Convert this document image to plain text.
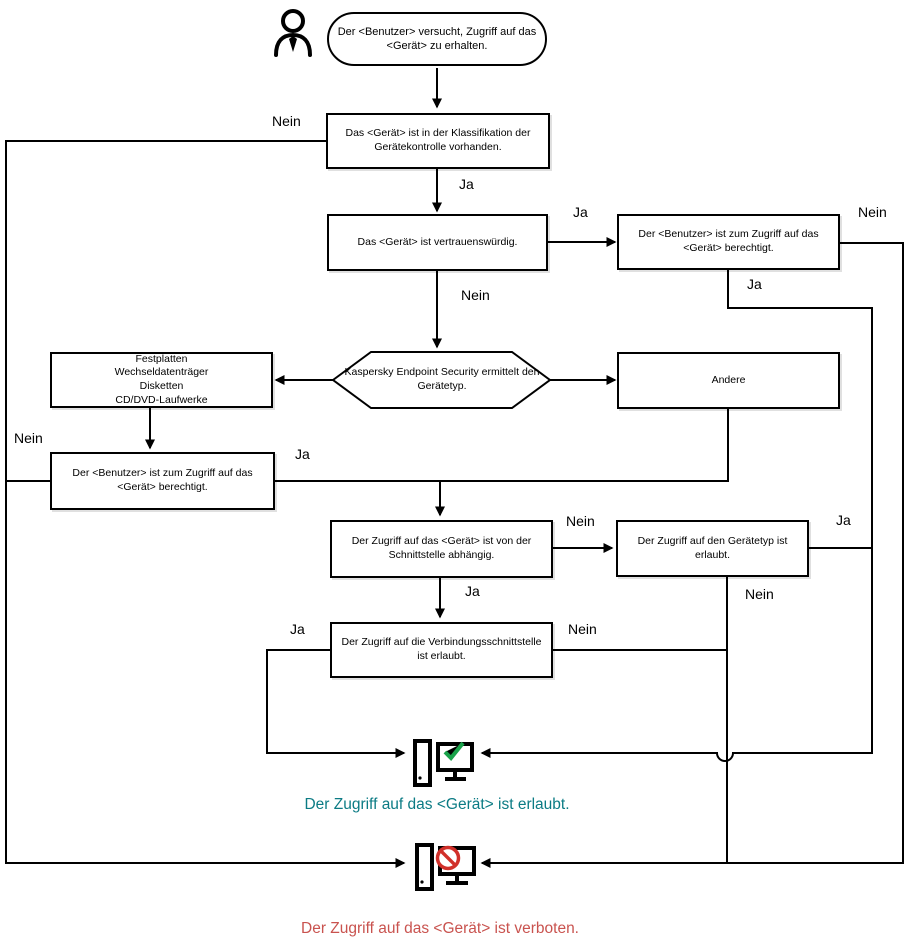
Der <Benutzer> versucht, Zugriff auf das <Gerät> zu erhalten.
Das <Gerät> ist in der Klassifikation der Gerätekontrolle vorhanden.
Das <Gerät> ist vertrauenswürdig.
Der <Benutzer> ist zum Zugriff auf das <Gerät> berechtigt.
Kaspersky Endpoint Security ermittelt den Gerätetyp.
Festplatten
Wechseldatenträger
Disketten
CD/DVD-Laufwerke
Andere
Der <Benutzer> ist zum Zugriff auf das <Gerät> berechtigt.
Der Zugriff auf das <Gerät> ist von der Schnittstelle abhängig.
Der Zugriff auf den Gerätetyp ist erlaubt.
Der Zugriff auf die Verbindungsschnittstelle ist erlaubt.
Nein
Ja
Ja	Nein
Ja
Nein
Nein
Ja
Nein	Ja
Ja	Nein
Ja	Nein
Der Zugriff auf das <Gerät> ist erlaubt.
Der Zugriff auf das <Gerät> ist verboten.
